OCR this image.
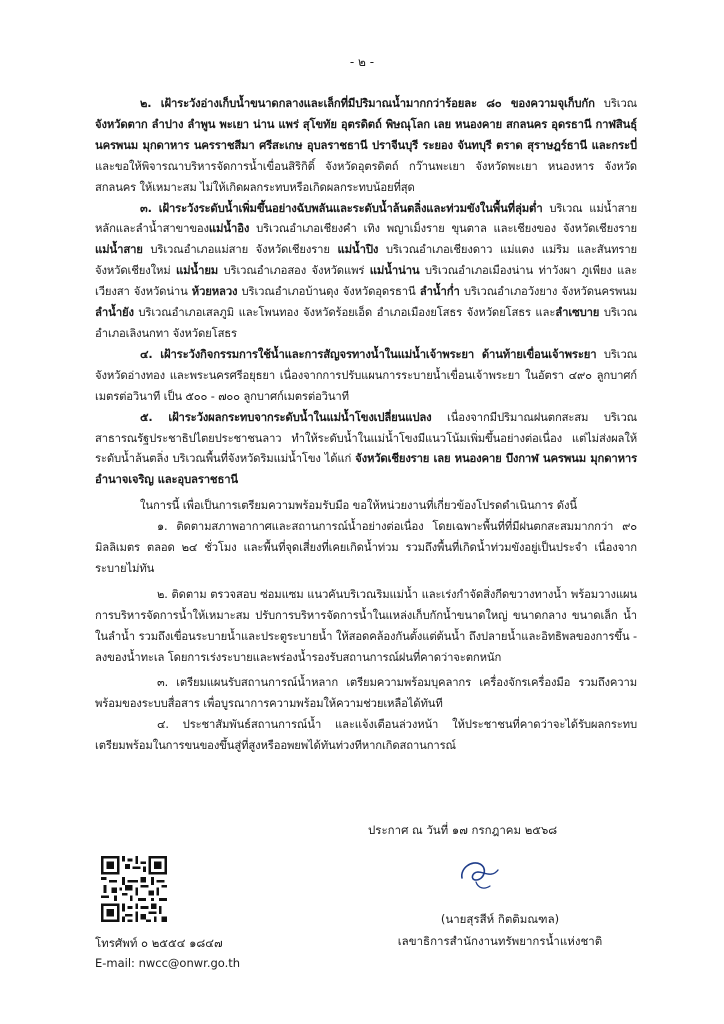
- ๒ -

๒. เฝ้าระวังอ่างเก็บน้ำขนาดกลางและเล็กที่มีปริมาณน้ำมากกว่าร้อยละ ๘๐ ของความจุเก็บกัก บริเวณ จังหวัดตาก ลำปาง ลำพูน พะเยา น่าน แพร่ สุโขทัย อุตรดิตถ์ พิษณุโลก เลย หนองคาย สกลนคร อุดรธานี กาฬสินธุ์ นครพนม มุกดาหาร นครราชสีมา ศรีสะเกษ อุบลราชธานี ปราจีนบุรี ระยอง จันทบุรี ตราด สุราษฎร์ธานี และกระบี่ และขอให้พิจารณาบริหารจัดการน้ำเขื่อนสิริกิติ์ จังหวัดอุตรดิตถ์ กว๊านพะเยา จังหวัดพะเยา หนองหาร จังหวัดสกลนคร ให้เหมาะสม ไม่ให้เกิดผลกระทบหรือเกิดผลกระทบน้อยที่สุด

๓. เฝ้าระวังระดับน้ำเพิ่มขึ้นอย่างฉับพลันและระดับน้ำล้นตลิ่งและท่วมขังในพื้นที่ลุ่มต่ำ บริเวณ แม่น้ำสายหลักและลำน้ำสาขาของแม่น้ำอิง บริเวณอำเภอเชียงคำ เทิง พญาเม็งราย ขุนตาล และเชียงของ จังหวัดเชียงราย แม่น้ำสาย บริเวณอำเภอแม่สาย จังหวัดเชียงราย แม่น้ำปิง บริเวณอำเภอเชียงดาว แม่แตง แม่ริม และสันทราย จังหวัดเชียงใหม่ แม่น้ำยม บริเวณอำเภอสอง จังหวัดแพร่ แม่น้ำน่าน บริเวณอำเภอเมืองน่าน ท่าวังผา ภูเพียง และเวียงสา จังหวัดน่าน ห้วยหลวง บริเวณอำเภอบ้านดุง จังหวัดอุดรธานี ลำน้ำก่ำ บริเวณอำเภอวังยาง จังหวัดนครพนม ลำน้ำยัง บริเวณอำเภอเสลภูมิ และโพนทอง จังหวัดร้อยเอ็ด อำเภอเมืองยโสธร จังหวัดยโสธร และลำเซบาย บริเวณอำเภอเลิงนกทา จังหวัดยโสธร

๔. เฝ้าระวังกิจกรรมการใช้น้ำและการสัญจรทางน้ำในแม่น้ำเจ้าพระยา ด้านท้ายเขื่อนเจ้าพระยา บริเวณ จังหวัดอ่างทอง และพระนครศรีอยุธยา เนื่องจากการปรับแผนการระบายน้ำเขื่อนเจ้าพระยา ในอัตรา ๔๙๐ ลูกบาศก์เมตรต่อวินาที เป็น ๕๐๐ - ๗๐๐ ลูกบาศก์เมตรต่อวินาที

๕. เฝ้าระวังผลกระทบจากระดับน้ำในแม่น้ำโขงเปลี่ยนแปลง เนื่องจากมีปริมาณฝนตกสะสม บริเวณสาธารณรัฐประชาธิปไตยประชาชนลาว ทำให้ระดับน้ำในแม่น้ำโขงมีแนวโน้มเพิ่มขึ้นอย่างต่อเนื่อง แต่ไม่ส่งผลให้ระดับน้ำล้นตลิ่ง บริเวณพื้นที่จังหวัดริมแม่น้ำโขง ได้แก่ จังหวัดเชียงราย เลย หนองคาย บึงกาฬ นครพนม มุกดาหาร อำนาจเจริญ และอุบลราชธานี

ในการนี้ เพื่อเป็นการเตรียมความพร้อมรับมือ ขอให้หน่วยงานที่เกี่ยวข้องโปรดดำเนินการ ดังนี้

๑. ติดตามสภาพอากาศและสถานการณ์น้ำอย่างต่อเนื่อง โดยเฉพาะพื้นที่ที่มีฝนตกสะสมมากกว่า ๙๐ มิลลิเมตร ตลอด ๒๔ ชั่วโมง และพื้นที่จุดเสี่ยงที่เคยเกิดน้ำท่วม รวมถึงพื้นที่เกิดน้ำท่วมขังอยู่เป็นประจำ เนื่องจากระบายไม่ทัน

๒. ติดตาม ตรวจสอบ ซ่อมแซม แนวคันบริเวณริมแม่น้ำ และเร่งกำจัดสิ่งกีดขวางทางน้ำ พร้อมวางแผนการบริหารจัดการน้ำให้เหมาะสม ปรับการบริหารจัดการน้ำในแหล่งเก็บกักน้ำขนาดใหญ่ ขนาดกลาง ขนาดเล็ก น้ำในลำน้ำ รวมถึงเขื่อนระบายน้ำและประตูระบายน้ำ ให้สอดคล้องกันตั้งแต่ต้นน้ำ ถึงปลายน้ำและอิทธิพลของการขึ้น - ลงของน้ำทะเล โดยการเร่งระบายและพร่องน้ำรองรับสถานการณ์ฝนที่คาดว่าจะตกหนัก

๓. เตรียมแผนรับสถานการณ์น้ำหลาก เตรียมความพร้อมบุคลากร เครื่องจักรเครื่องมือ รวมถึงความพร้อมของระบบสื่อสาร เพื่อบูรณาการความพร้อมให้ความช่วยเหลือได้ทันที

๔. ประชาสัมพันธ์สถานการณ์น้ำ และแจ้งเตือนล่วงหน้า ให้ประชาชนที่คาดว่าจะได้รับผลกระทบ เตรียมพร้อมในการขนของขึ้นสู่ที่สูงหรืออพยพได้ทันท่วงทีหากเกิดสถานการณ์

ประกาศ ณ วันที่ ๑๗ กรกฎาคม ๒๕๖๘
(นายสุรสีห์ กิตติมณฑล)
เลขาธิการสำนักงานทรัพยากรน้ำแห่งชาติ
โทรศัพท์ ๐ ๒๕๕๔ ๑๘๔๗
E-mail: nwcc@onwr.go.th
